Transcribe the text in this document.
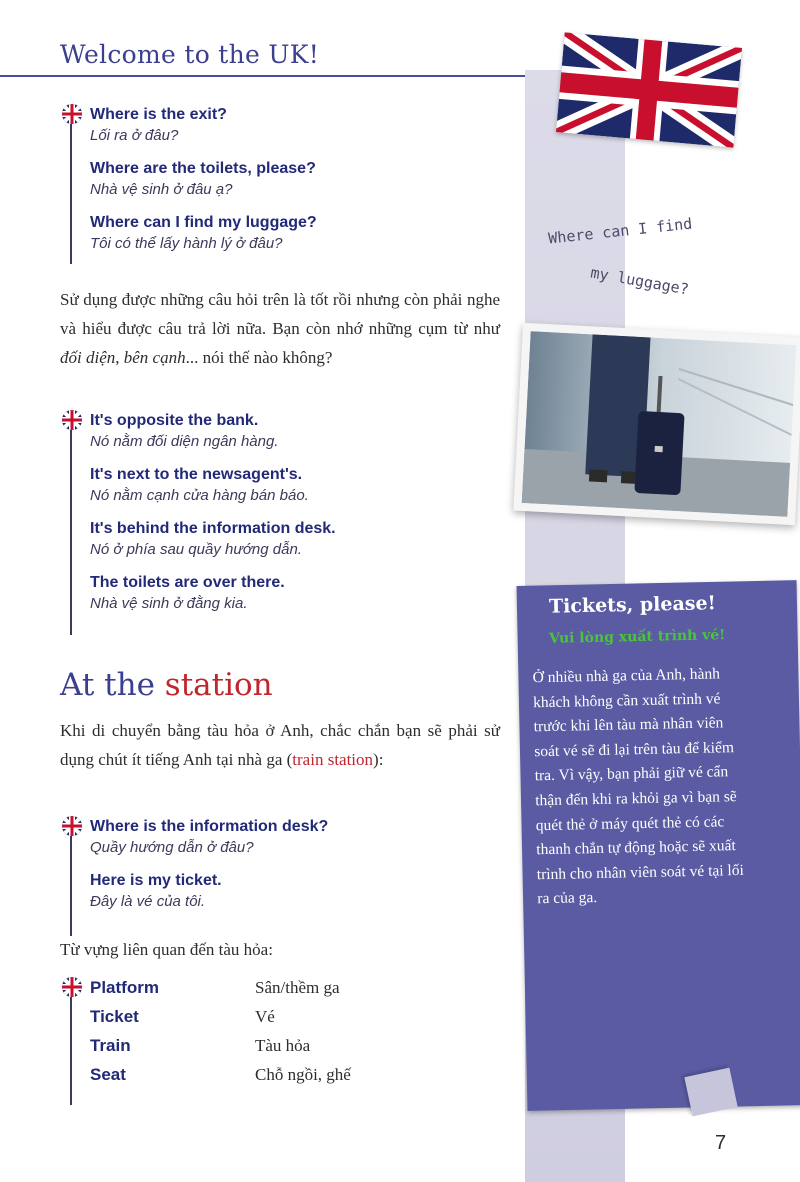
Welcome to the UK!
Where can I find
my luggage?
Where is the exit?
Lối ra ở đâu?
Where are the toilets, please?
Nhà vệ sinh ở đâu ạ?
Where can I find my luggage?
Tôi có thể lấy hành lý ở đâu?
Sử dụng được những câu hỏi trên là tốt rồi nhưng còn phải nghe và hiểu được câu trả lời nữa. Bạn còn nhớ những cụm từ như đối diện, bên cạnh... nói thế nào không?
It's opposite the bank.
Nó nằm đối diện ngân hàng.
It's next to the newsagent's.
Nó nằm cạnh cửa hàng bán báo.
It's behind the information desk.
Nó ở phía sau quầy hướng dẫn.
The toilets are over there.
Nhà vệ sinh ở đằng kia.
At the station
Khi di chuyển bằng tàu hỏa ở Anh, chắc chắn bạn sẽ phải sử dụng chút ít tiếng Anh tại nhà ga (train station):
Where is the information desk?
Quầy hướng dẫn ở đâu?
Here is my ticket.
Đây là vé của tôi.
Từ vựng liên quan đến tàu hỏa:
Platform	Sân/thềm ga
Ticket	Vé
Train	Tàu hỏa
Seat	Chỗ ngồi, ghế
Tickets, please!
Vui lòng xuất trình vé!
Ở nhiều nhà ga của Anh, hành khách không cần xuất trình vé trước khi lên tàu mà nhân viên soát vé sẽ đi lại trên tàu để kiểm tra. Vì vậy, bạn phải giữ vé cẩn thận đến khi ra khỏi ga vì bạn sẽ quét thẻ ở máy quét thẻ có các thanh chắn tự động hoặc sẽ xuất trình cho nhân viên soát vé tại lối ra của ga.
7
